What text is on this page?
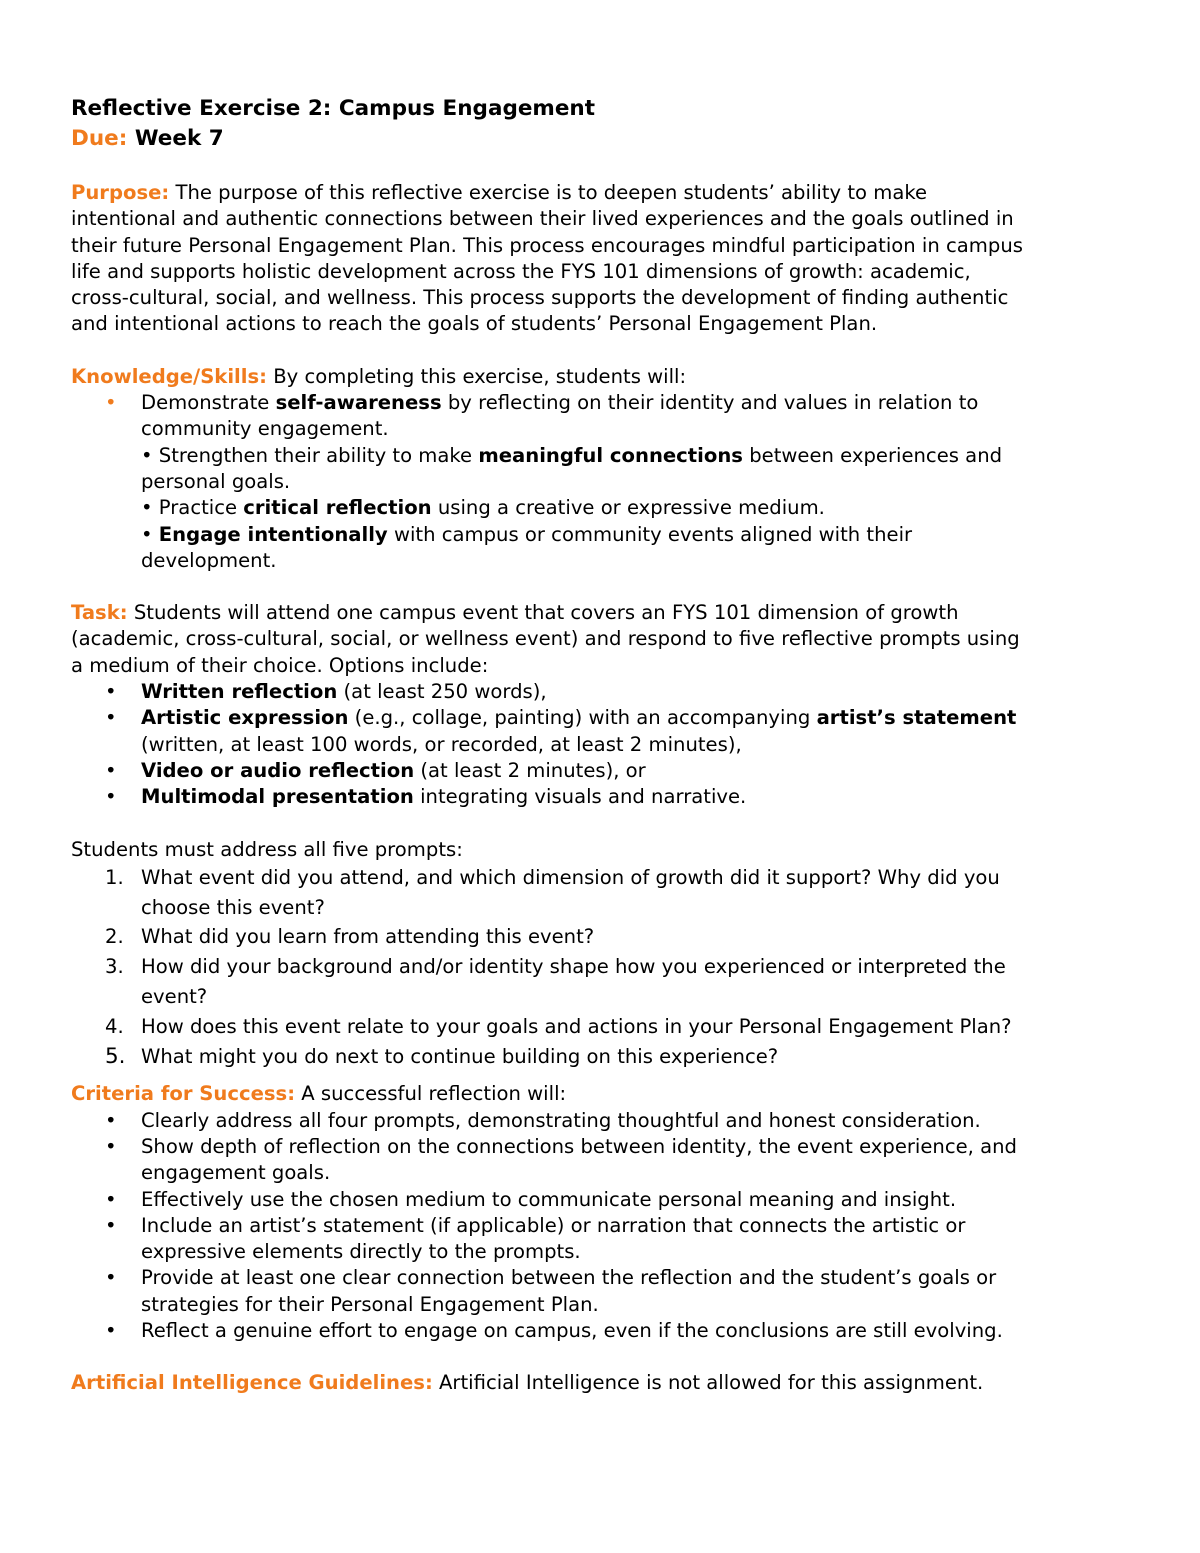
Reflective Exercise 2: Campus Engagement
Due: Week 7
Purpose: The purpose of this reflective exercise is to deepen students’ ability to make
intentional and authentic connections between their lived experiences and the goals outlined in
their future Personal Engagement Plan. This process encourages mindful participation in campus
life and supports holistic development across the FYS 101 dimensions of growth: academic,
cross-cultural, social, and wellness. This process supports the development of finding authentic
and intentional actions to reach the goals of students’ Personal Engagement Plan.
Knowledge/Skills: By completing this exercise, students will:
•	Demonstrate self-awareness by reflecting on their identity and values in relation to
community engagement.
• Strengthen their ability to make meaningful connections between experiences and
personal goals.
• Practice critical reflection using a creative or expressive medium.
• Engage intentionally with campus or community events aligned with their
development.
Task: Students will attend one campus event that covers an FYS 101 dimension of growth
(academic, cross-cultural, social, or wellness event) and respond to five reflective prompts using
a medium of their choice. Options include:
•	Written reflection (at least 250 words),
•	Artistic expression (e.g., collage, painting) with an accompanying artist’s statement
(written, at least 100 words, or recorded, at least 2 minutes),
•	Video or audio reflection (at least 2 minutes), or
•	Multimodal presentation integrating visuals and narrative.
Students must address all five prompts:
1. What event did you attend, and which dimension of growth did it support? Why did you
choose this event?
2. What did you learn from attending this event?
3. How did your background and/or identity shape how you experienced or interpreted the
event?
4. How does this event relate to your goals and actions in your Personal Engagement Plan?
5. What might you do next to continue building on this experience?
Criteria for Success: A successful reflection will:
•	Clearly address all four prompts, demonstrating thoughtful and honest consideration.
•	Show depth of reflection on the connections between identity, the event experience, and
engagement goals.
•	Effectively use the chosen medium to communicate personal meaning and insight.
•	Include an artist’s statement (if applicable) or narration that connects the artistic or
expressive elements directly to the prompts.
•	Provide at least one clear connection between the reflection and the student’s goals or
strategies for their Personal Engagement Plan.
•	Reflect a genuine effort to engage on campus, even if the conclusions are still evolving.
Artificial Intelligence Guidelines: Artificial Intelligence is not allowed for this assignment.
